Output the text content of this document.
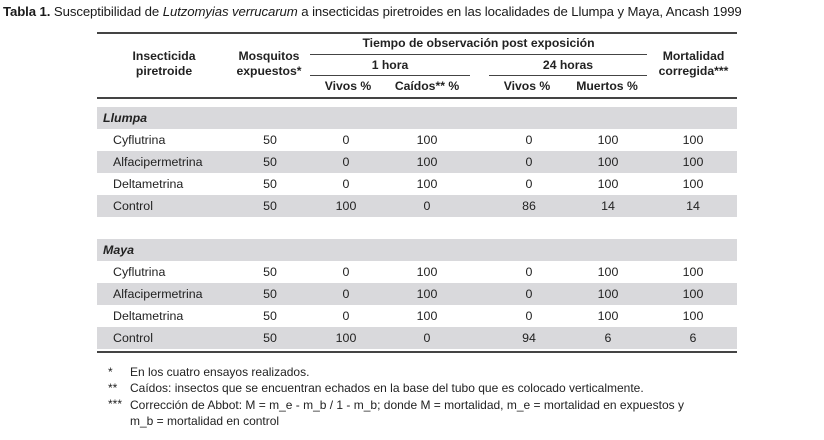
Tabla 1. Susceptibilidad de Lutzomyias verrucarum a insecticidas piretroides en las localidades de Llumpa y Maya, Ancash 1999
Insecticida
piretroide
Mosquitos
expuestos*
Tiempo de observación post exposición
1 hora	24 horas
Mortalidad
corregida***
Vivos %	Caídos** %	Vivos %	Muertos %
Llumpa
Cyflutrina	50	0	100	0	100	100
Alfacipermetrina	50	0	100	0	100	100
Deltametrina	50	0	100	0	100	100
Control	50	100	0	86	14	14
Maya
Cyflutrina	50	0	100	0	100	100
Alfacipermetrina	50	0	100	0	100	100
Deltametrina	50	0	100	0	100	100
Control	50	100	0	94	6	6
* En los cuatro ensayos realizados.
** Caídos: insectos que se encuentran echados en la base del tubo que es colocado verticalmente.
*** Corrección de Abbot: M = m_e - m_b / 1 - m_b; donde M = mortalidad, m_e = mortalidad en expuestos y m_b = mortalidad en control
